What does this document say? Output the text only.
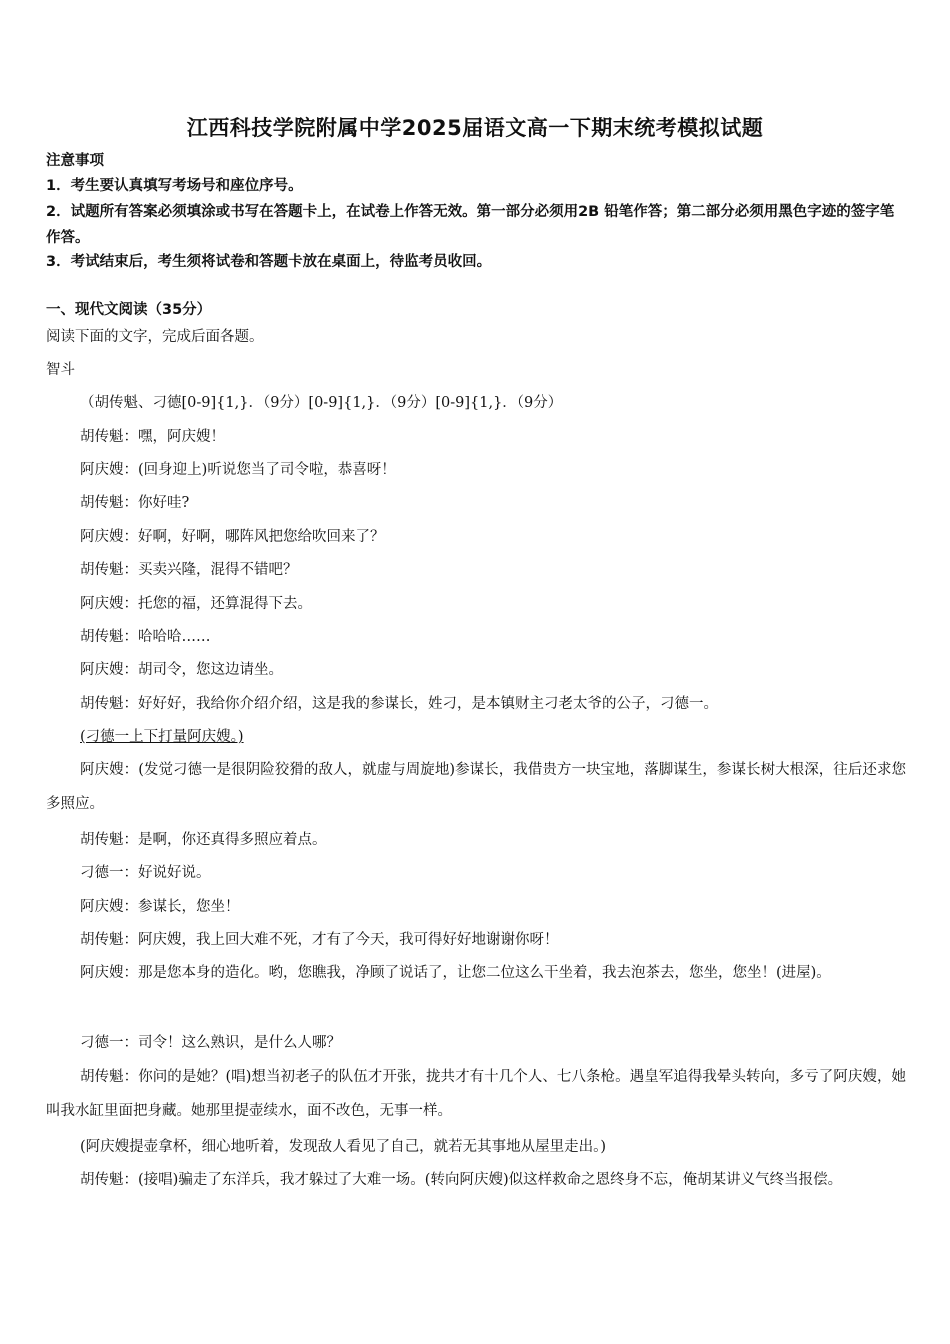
江西科技学院附属中学2025届语文高一下期末统考模拟试题
注意事项
1．考生要认真填写考场号和座位序号。
2．试题所有答案必须填涂或书写在答题卡上，在试卷上作答无效。第一部分必须用2B 铅笔作答；第二部分必须用黑色字迹的签字笔作答。
3．考试结束后，考生须将试卷和答题卡放在桌面上，待监考员收回。
一、现代文阅读（35分）
阅读下面的文字，完成后面各题。
智斗
（胡传魁、刁德[0-9]{1,}．（9分）[0-9]{1,}．（9分）[0-9]{1,}．（9分）
胡传魁：嘿，阿庆嫂！
阿庆嫂：(回身迎上)听说您当了司令啦，恭喜呀！
胡传魁：你好哇?
阿庆嫂：好啊，好啊，哪阵风把您给吹回来了？
胡传魁：买卖兴隆，混得不错吧？
阿庆嫂：托您的福，还算混得下去。
胡传魁：哈哈哈……
阿庆嫂：胡司令，您这边请坐。
胡传魁：好好好，我给你介绍介绍，这是我的参谋长，姓刁，是本镇财主刁老太爷的公子，刁德一。
(刁德一上下打量阿庆嫂。)
阿庆嫂：(发觉刁德一是很阴险狡猾的敌人，就虚与周旋地)参谋长，我借贵方一块宝地，落脚谋生，参谋长树大根深，往后还求您多照应。
胡传魁：是啊，你还真得多照应着点。
刁德一：好说好说。
阿庆嫂：参谋长，您坐！
胡传魁：阿庆嫂，我上回大难不死，才有了今天，我可得好好地谢谢你呀！
阿庆嫂：那是您本身的造化。哟，您瞧我，净顾了说话了，让您二位这么干坐着，我去泡茶去，您坐，您坐！(进屋)。
刁德一：司令！这么熟识，是什么人哪？
胡传魁：你问的是她？(唱)想当初老子的队伍才开张，拢共才有十几个人、七八条枪。遇皇军追得我晕头转向，多亏了阿庆嫂，她叫我水缸里面把身藏。她那里提壶续水，面不改色，无事一样。
(阿庆嫂提壶拿杯，细心地听着，发现敌人看见了自己，就若无其事地从屋里走出。)
胡传魁：(接唱)骗走了东洋兵，我才躲过了大难一场。(转向阿庆嫂)似这样救命之恩终身不忘，俺胡某讲义气终当报偿。
